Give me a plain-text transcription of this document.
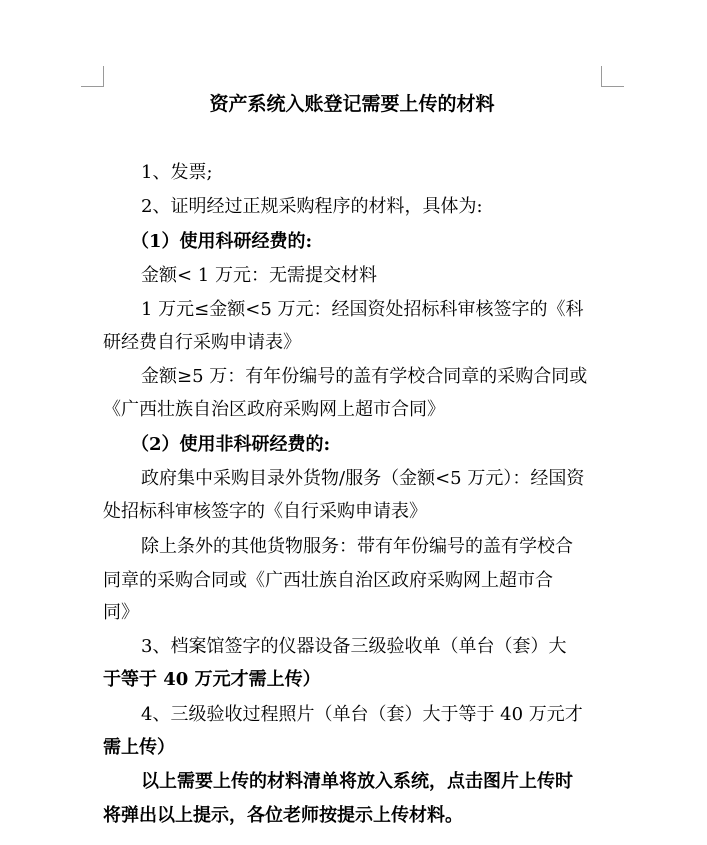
资产系统入账登记需要上传的材料
1、发票;
2、证明经过正规采购程序的材料，具体为:
（1）使用科研经费的:
金额< 1 万元：无需提交材料
1 万元≤金额<5 万元：经国资处招标科审核签字的《科
研经费自行采购申请表》
金额≥5 万：有年份编号的盖有学校合同章的采购合同或
《广西壮族自治区政府采购网上超市合同》
（2）使用非科研经费的:
政府集中采购目录外货物/服务（金额<5 万元）：经国资
处招标科审核签字的《自行采购申请表》
除上条外的其他货物服务：带有年份编号的盖有学校合
同章的采购合同或《广西壮族自治区政府采购网上超市合
同》
3、档案馆签字的仪器设备三级验收单（单台（套）大
于等于 40 万元才需上传）
4、三级验收过程照片（单台（套）大于等于 40 万元才
需上传）
以上需要上传的材料清单将放入系统，点击图片上传时
将弹出以上提示，各位老师按提示上传材料。
